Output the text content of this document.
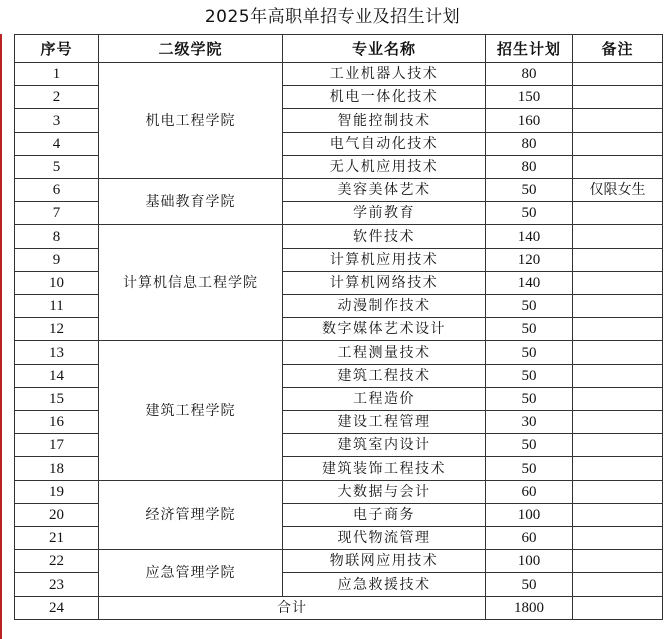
2025年高职单招专业及招生计划
序号	二级学院	专业名称	招生计划	备注
1	机电工程学院	工业机器人技术	80	
2		机电一体化技术	150	
3		智能控制技术	160	
4		电气自动化技术	80	
5		无人机应用技术	80	
6	基础教育学院	美容美体艺术	50	仅限女生
7		学前教育	50	
8	计算机信息工程学院	软件技术	140	
9		计算机应用技术	120	
10		计算机网络技术	140	
11		动漫制作技术	50	
12		数字媒体艺术设计	50	
13	建筑工程学院	工程测量技术	50	
14		建筑工程技术	50	
15		工程造价	50	
16		建设工程管理	30	
17		建筑室内设计	50	
18		建筑装饰工程技术	50	
19	经济管理学院	大数据与会计	60	
20		电子商务	100	
21		现代物流管理	60	
22	应急管理学院	物联网应用技术	100	
23		应急救援技术	50	
24	合计		1800	
